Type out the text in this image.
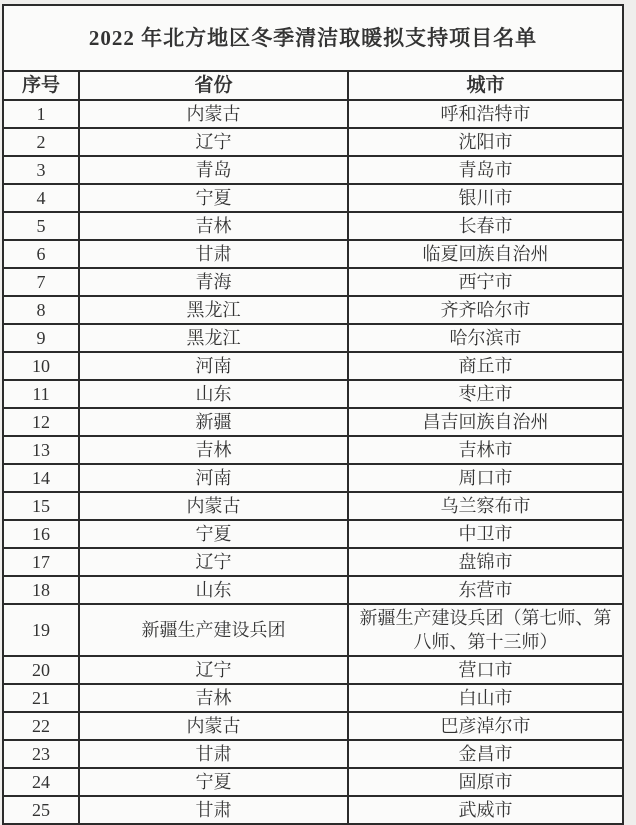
2022 年北方地区冬季清洁取暖拟支持项目名单		
序号	省份	城市
1	内蒙古	呼和浩特市
2	辽宁	沈阳市
3	青岛	青岛市
4	宁夏	银川市
5	吉林	长春市
6	甘肃	临夏回族自治州
7	青海	西宁市
8	黑龙江	齐齐哈尔市
9	黑龙江	哈尔滨市
10	河南	商丘市
11	山东	枣庄市
12	新疆	昌吉回族自治州
13	吉林	吉林市
14	河南	周口市
15	内蒙古	乌兰察布市
16	宁夏	中卫市
17	辽宁	盘锦市
18	山东	东营市
19	新疆生产建设兵团	新疆生产建设兵团（第七师、第八师、第十三师）
20	辽宁	营口市
21	吉林	白山市
22	内蒙古	巴彦淖尔市
23	甘肃	金昌市
24	宁夏	固原市
25	甘肃	武威市
